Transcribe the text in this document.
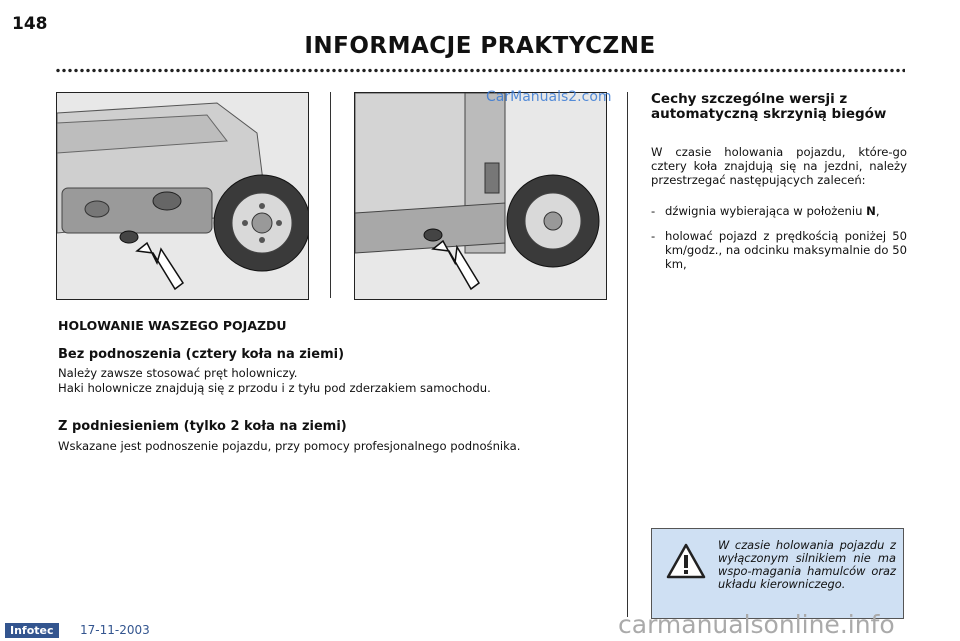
148
INFORMACJE PRAKTYCZNE
CarManuals2.com
HOLOWANIE WASZEGO POJAZDU
Bez podnoszenia (cztery koła na ziemi)
Należy zawsze stosować pręt holowniczy.
Haki holownicze znajdują się z przodu i z tyłu pod zderzakiem samochodu.
Z podniesieniem (tylko 2 koła na ziemi)
Wskazane jest podnoszenie pojazdu, przy pomocy profesjonalnego podnośnika.
Cechy szczególne wersji z automatyczną skrzynią biegów
W czasie holowania pojazdu, które-go cztery koła znajdują się na jezdni, należy przestrzegać następujących zaleceń:
- dźwignia wybierająca w położeniu N,
- holować pojazd z prędkością poniżej 50 km/godz., na odcinku maksymalnie do 50 km,
W czasie holowania pojazdu z wyłączonym silnikiem nie ma wspo-magania hamulców oraz układu kierowniczego.
Infotec	17-11-2003	carmanualsonline.info
